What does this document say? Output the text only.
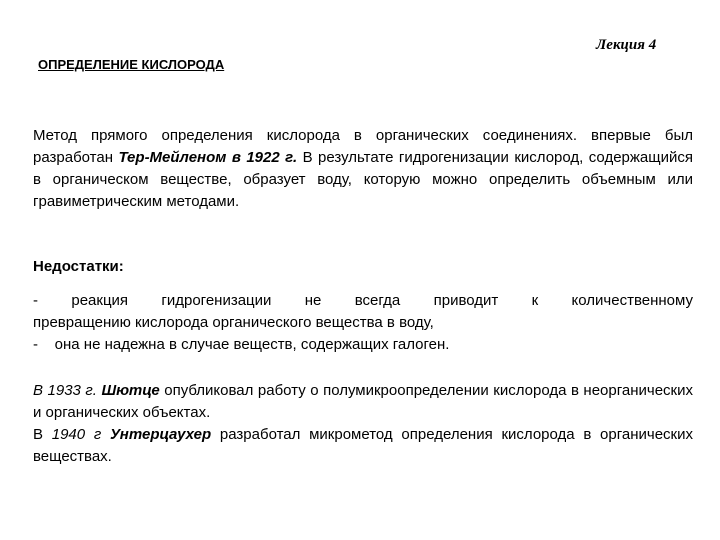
Лекция 4
ОПРЕДЕЛЕНИЕ КИСЛОРОДА

Метод прямого определения кислорода в органических соединениях. впервые был разработан Тер-Мейленом в 1922 г. В результате гидрогенизации кислород, содержащийся в органическом веществе, образует воду, которую можно определить объемным или гравиметрическим методами.

Недостатки:

- реакция гидрогенизации не всегда приводит к количественному
превращению кислорода органического вещества в воду,
-    она не надежна в случае веществ, содержащих галоген.

В 1933 г. Шютце опубликовал работу о полумикроопределении кислорода в неорганических и органических объектах.

В 1940 г Унтерцаухер разработал микрометод определения кислорода в органических веществах.
